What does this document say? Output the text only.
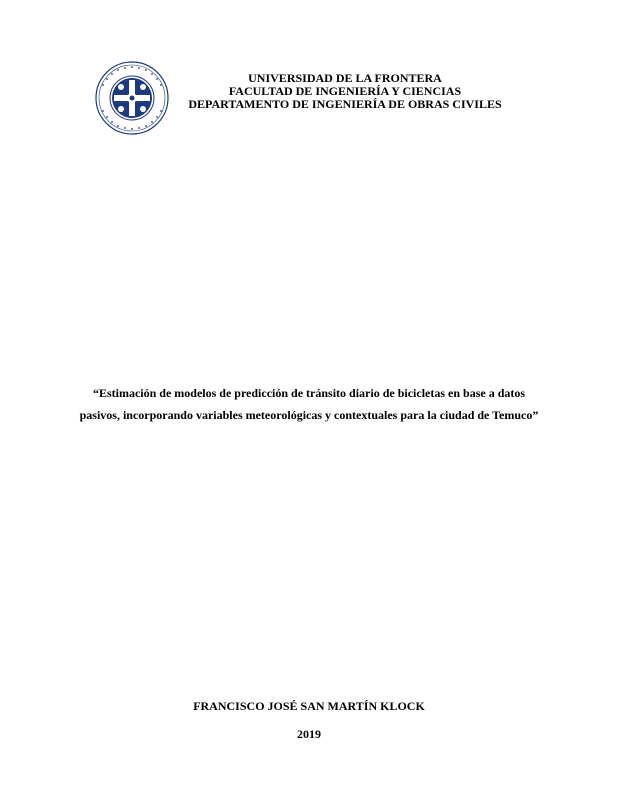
UNIVERSIDAD DE LA FRONTERA
FACULTAD DE INGENIERÍA Y CIENCIAS
DEPARTAMENTO DE INGENIERÍA DE OBRAS CIVILES
“Estimación de modelos de predicción de tránsito diario de bicicletas en base a datos
pasivos, incorporando variables meteorológicas y contextuales para la ciudad de Temuco”
FRANCISCO JOSÉ SAN MARTÍN KLOCK
2019
